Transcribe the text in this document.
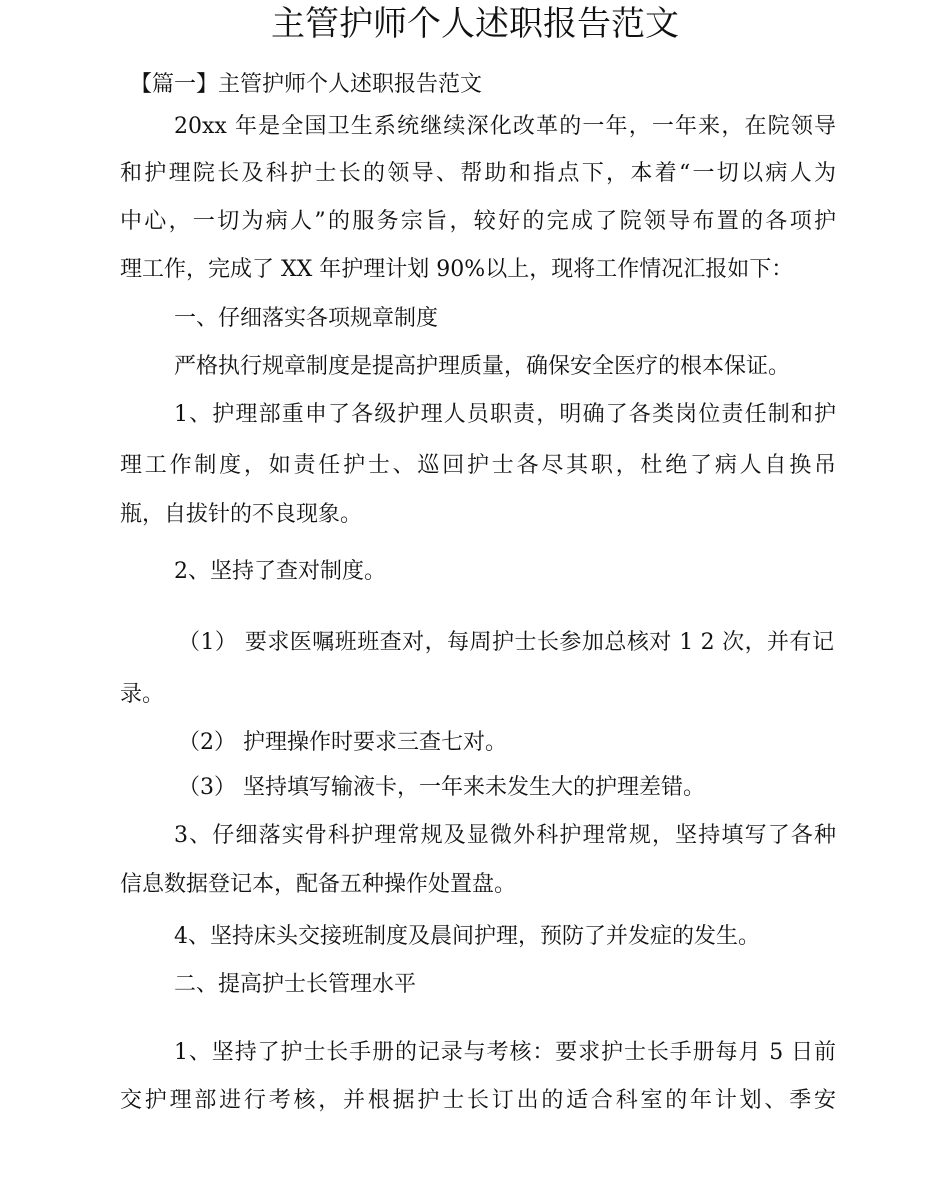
主管护师个人述职报告范文
【篇一】主管护师个人述职报告范文
20xx 年是全国卫生系统继续深化改革的一年，一年来，在院领导
和护理院长及科护士长的领导、帮助和指点下，本着“一切以病人为
中心，一切为病人”的服务宗旨，较好的完成了院领导布置的各项护
理工作，完成了 XX 年护理计划 90%以上，现将工作情况汇报如下：
一、仔细落实各项规章制度
严格执行规章制度是提高护理质量，确保安全医疗的根本保证。
1、护理部重申了各级护理人员职责，明确了各类岗位责任制和护
理工作制度，如责任护士、巡回护士各尽其职，杜绝了病人自换吊
瓶，自拔针的不良现象。
2、坚持了查对制度。
（1） 要求医嘱班班查对，每周护士长参加总核对 1 2 次，并有记
录。
（2） 护理操作时要求三查七对。
（3） 坚持填写输液卡，一年来未发生大的护理差错。
3、仔细落实骨科护理常规及显微外科护理常规，坚持填写了各种
信息数据登记本，配备五种操作处置盘。
4、坚持床头交接班制度及晨间护理，预防了并发症的发生。
二、提高护士长管理水平
1、坚持了护士长手册的记录与考核：要求护士长手册每月 5 日前
交护理部进行考核，并根据护士长订出的适合科室的年计划、季安
